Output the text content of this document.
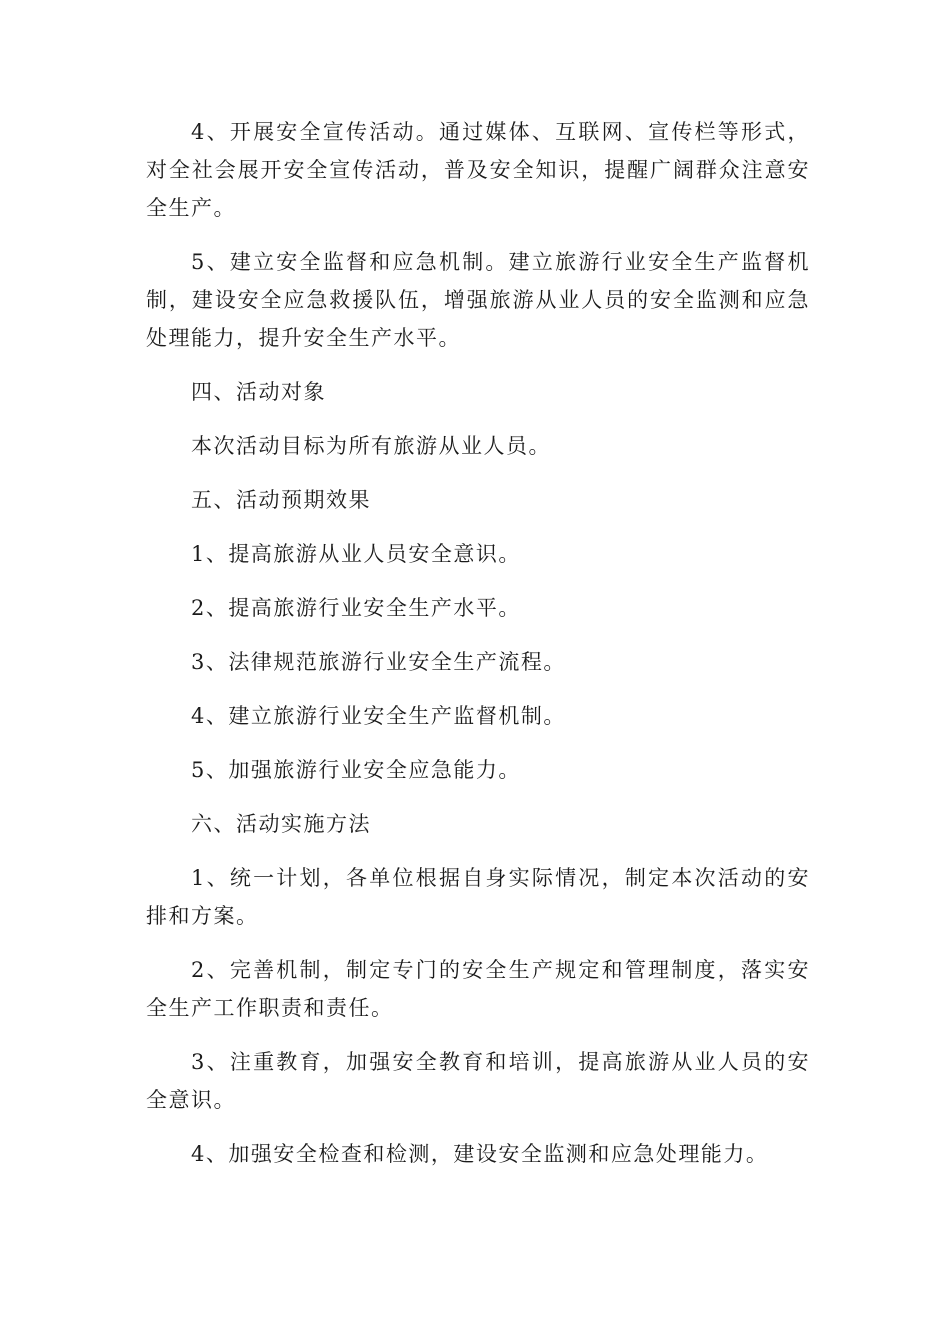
4、开展安全宣传活动。通过媒体、互联网、宣传栏等形式，对全社会展开安全宣传活动，普及安全知识，提醒广阔群众注意安全生产。

5、建立安全监督和应急机制。建立旅游行业安全生产监督机制，建设安全应急救援队伍，增强旅游从业人员的安全监测和应急处理能力，提升安全生产水平。

四、活动对象

本次活动目标为所有旅游从业人员。

五、活动预期效果

1、提高旅游从业人员安全意识。

2、提高旅游行业安全生产水平。

3、法律规范旅游行业安全生产流程。

4、建立旅游行业安全生产监督机制。

5、加强旅游行业安全应急能力。

六、活动实施方法

1、统一计划，各单位根据自身实际情况，制定本次活动的安排和方案。

2、完善机制，制定专门的安全生产规定和管理制度，落实安全生产工作职责和责任。

3、注重教育，加强安全教育和培训，提高旅游从业人员的安全意识。

4、加强安全检查和检测，建设安全监测和应急处理能力。
